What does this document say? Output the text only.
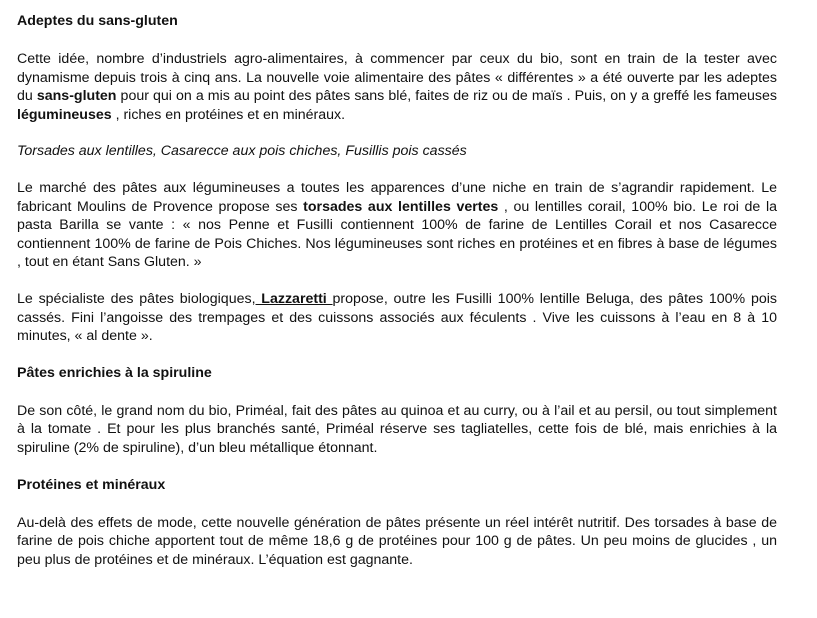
Adeptes du sans-gluten

Cette idée, nombre d’industriels agro-alimentaires, à commencer par ceux du bio, sont en train de la tester avec dynamisme depuis trois à cinq ans. La nouvelle voie alimentaire des pâtes « différentes » a été ouverte par les adeptes du sans-gluten pour qui on a mis au point des pâtes sans blé, faites de riz ou de maïs . Puis, on y a greffé les fameuses légumineuses , riches en protéines et en minéraux.

Torsades aux lentilles, Casarecce aux pois chiches, Fusillis pois cassés

Le marché des pâtes aux légumineuses a toutes les apparences d’une niche en train de s’agrandir rapidement. Le fabricant Moulins de Provence propose ses torsades aux lentilles vertes , ou lentilles corail, 100% bio. Le roi de la pasta Barilla se vante : « nos Penne et Fusilli contiennent 100% de farine de Lentilles Corail et nos Casarecce contiennent 100% de farine de Pois Chiches. Nos légumineuses sont riches en protéines et en fibres à base de légumes , tout en étant Sans Gluten. »

Le spécialiste des pâtes biologiques, Lazzaretti propose, outre les Fusilli 100% lentille Beluga, des pâtes 100% pois cassés. Fini l’angoisse des trempages et des cuissons associés aux féculents . Vive les cuissons à l’eau en 8 à 10 minutes, « al dente ».

Pâtes enrichies à la spiruline

De son côté, le grand nom du bio, Priméal, fait des pâtes au quinoa et au curry, ou à l’ail et au persil, ou tout simplement à la tomate . Et pour les plus branchés santé, Priméal réserve ses tagliatelles, cette fois de blé, mais enrichies à la spiruline (2% de spiruline), d’un bleu métallique étonnant.

Protéines et minéraux

Au-delà des effets de mode, cette nouvelle génération de pâtes présente un réel intérêt nutritif. Des torsades à base de farine de pois chiche apportent tout de même 18,6 g de protéines pour 100 g de pâtes. Un peu moins de glucides , un peu plus de protéines et de minéraux. L’équation est gagnante.
